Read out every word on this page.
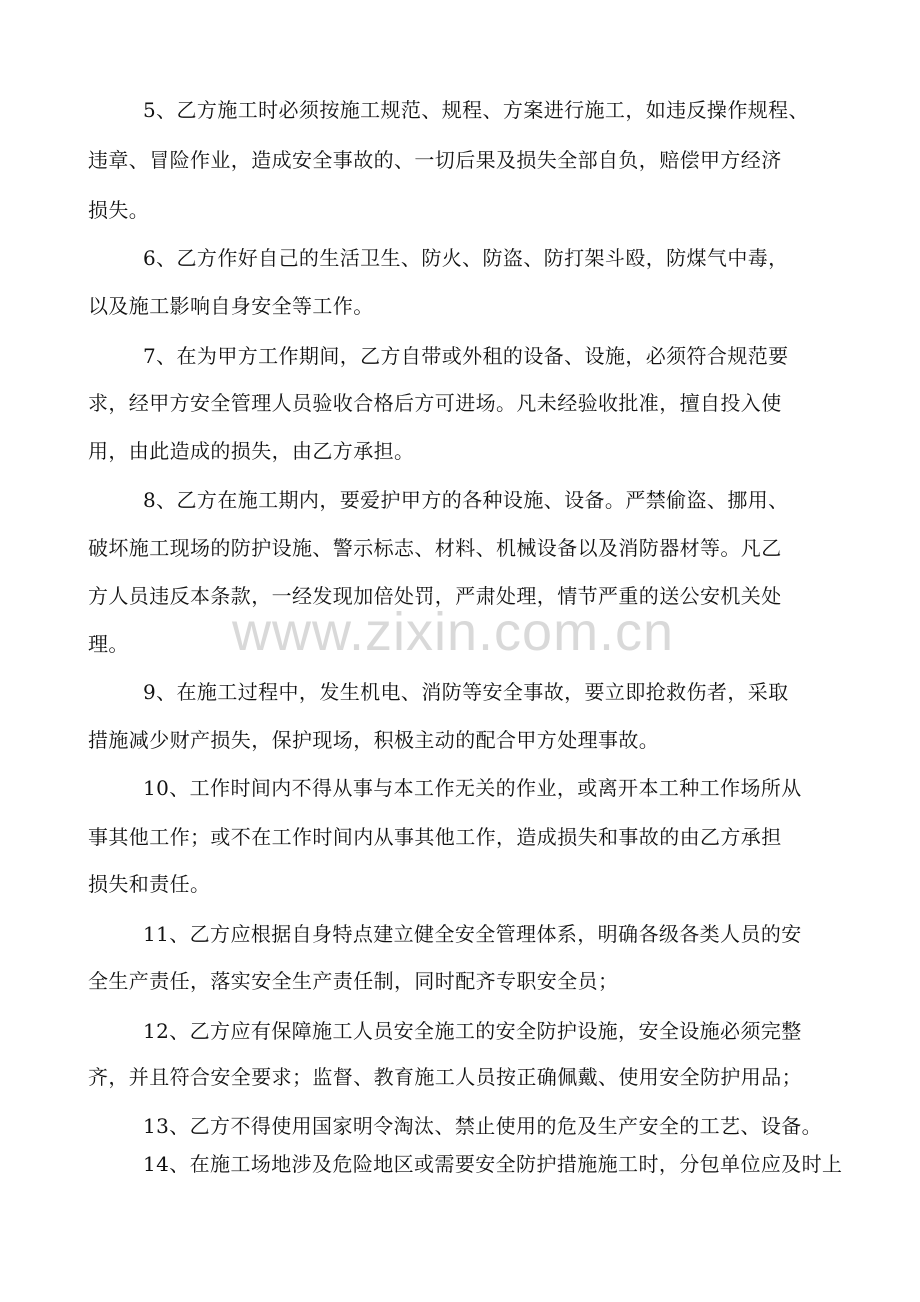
5、乙方施工时必须按施工规范、规程、方案进行施工，如违反操作规程、
违章、冒险作业，造成安全事故的、一切后果及损失全部自负，赔偿甲方经济
损失。
6、乙方作好自己的生活卫生、防火、防盗、防打架斗殴，防煤气中毒，
以及施工影响自身安全等工作。
7、在为甲方工作期间，乙方自带或外租的设备、设施，必须符合规范要
求，经甲方安全管理人员验收合格后方可进场。凡未经验收批准，擅自投入使
用，由此造成的损失，由乙方承担。
8、乙方在施工期内，要爱护甲方的各种设施、设备。严禁偷盗、挪用、
破坏施工现场的防护设施、警示标志、材料、机械设备以及消防器材等。凡乙
方人员违反本条款，一经发现加倍处罚，严肃处理，情节严重的送公安机关处
理。
9、在施工过程中，发生机电、消防等安全事故，要立即抢救伤者，采取
措施减少财产损失，保护现场，积极主动的配合甲方处理事故。
10、工作时间内不得从事与本工作无关的作业，或离开本工种工作场所从
事其他工作；或不在工作时间内从事其他工作，造成损失和事故的由乙方承担
损失和责任。
11、乙方应根据自身特点建立健全安全管理体系，明确各级各类人员的安
全生产责任，落实安全生产责任制，同时配齐专职安全员；
12、乙方应有保障施工人员安全施工的安全防护设施，安全设施必须完整
齐，并且符合安全要求；监督、教育施工人员按正确佩戴、使用安全防护用品；
13、乙方不得使用国家明令淘汰、禁止使用的危及生产安全的工艺、设备。
14、在施工场地涉及危险地区或需要安全防护措施施工时，分包单位应及时上
www.zixin.com.cn
